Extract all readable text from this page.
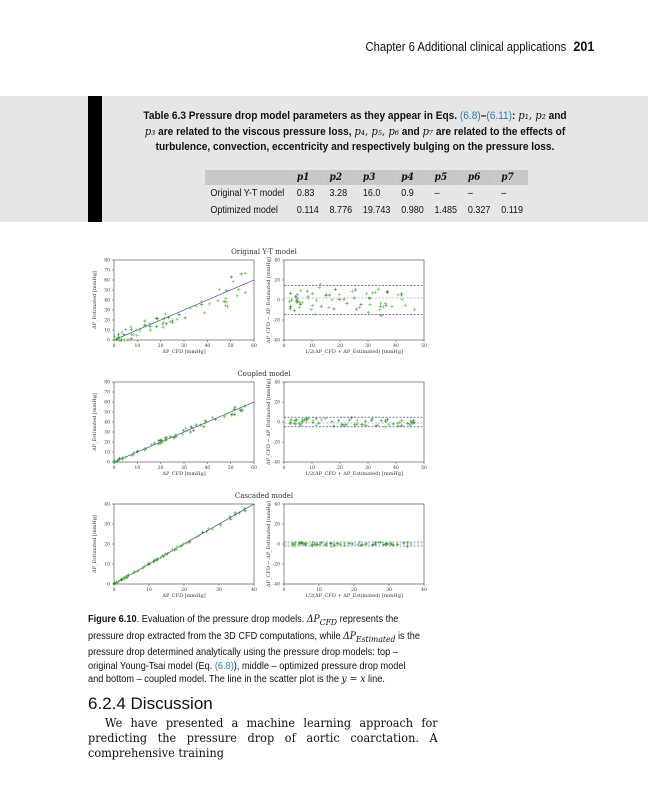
Chapter 6 Additional clinical applications 201
Table 6.3 Pressure drop model parameters as they appear in Eqs. (6.8)–(6.11): p₁, p₂ and p₃ are related to the viscous pressure loss, p₄, p₅, p₆ and p₇ are related to the effects of turbulence, convection, eccentricity and respectively bulging on the pressure loss.
	p1	p2	p3	p4	p5	p6	p7
Original Y-T model	0.83	3.28	16.0	0.9	–	–	–
Optimized model	0.114	8.776	19.743	0.980	1.485	0.327	0.119
Original Y-T model
0	10	20	30	40	50	60
0
10
20
30
40
50
60
70
80
ΔP_CFD [mmHg]
ΔP_Estimated [mmHg]
0	10	20	30	40	50
-40
-20
0
20
40
1/2(ΔP_CFD + ΔP_Estimated) [mmHg]
ΔP_CFD − ΔP_Estimated [mmHg]
Coupled model
0	10	20	30	40	50	60
0
10
20
30
40
50
60
70
80
ΔP_CFD [mmHg]
ΔP_Estimated [mmHg]
0	10	20	30	40	50
-40
-20
0
20
40
1/2(ΔP_CFD + ΔP_Estimated) [mmHg]
ΔP_CFD − ΔP_Estimated [mmHg]
Cascaded model
0	10	20	30	40
0
10
20
30
40
ΔP_CFD [mmHg]
ΔP_Estimated [mmHg]
0	10	20	30	40
-40
-20
0
20
40
1/2(ΔP_CFD + ΔP_Estimated) [mmHg]
ΔP_CFD − ΔP_Estimated [mmHg]
Figure 6.10. Evaluation of the pressure drop models. $\Delta P_{CFD}$ represents the pressure drop extracted from the 3D CFD computations, while $\Delta P_{Estimated}$ is the pressure drop determined analytically using the pressure drop models: top – original Young-Tsai model (Eq. (6.8)), middle – optimized pressure drop model and bottom – coupled model. The line in the scatter plot is the y = x line.
6.2.4 Discussion
We have presented a machine learning approach for predicting the pressure drop of aortic coarctation. A comprehensive training
